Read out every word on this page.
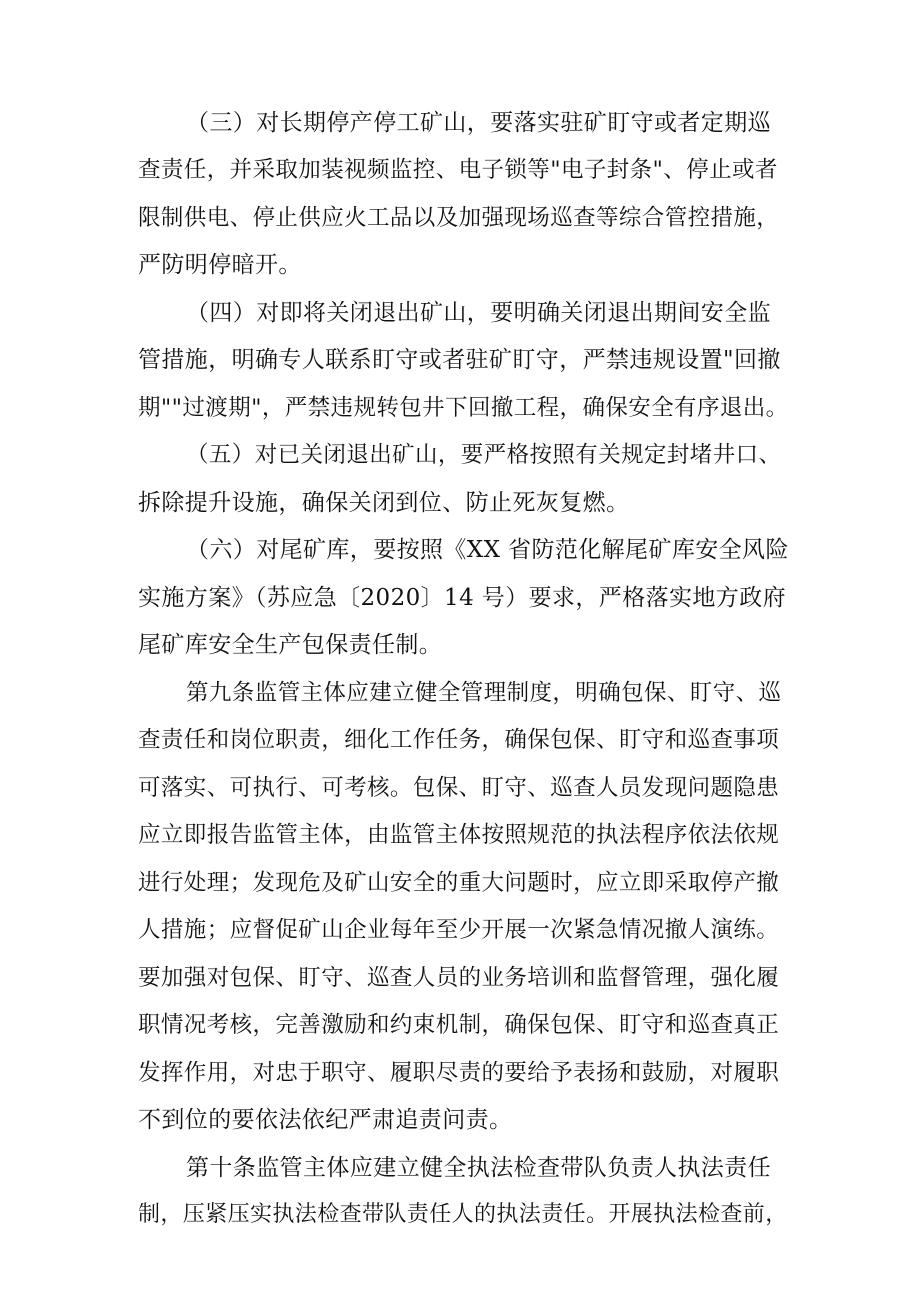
（三）对长期停产停工矿山，要落实驻矿盯守或者定期巡
查责任，并采取加装视频监控、电子锁等"电子封条"、停止或者
限制供电、停止供应火工品以及加强现场巡查等综合管控措施，
严防明停暗开。
（四）对即将关闭退出矿山，要明确关闭退出期间安全监
管措施，明确专人联系盯守或者驻矿盯守，严禁违规设置"回撤
期""过渡期"，严禁违规转包井下回撤工程，确保安全有序退出。
（五）对已关闭退出矿山，要严格按照有关规定封堵井口、
拆除提升设施，确保关闭到位、防止死灰复燃。
（六）对尾矿库，要按照《XX 省防范化解尾矿库安全风险
实施方案》（苏应急〔2020〕14 号）要求，严格落实地方政府
尾矿库安全生产包保责任制。
第九条监管主体应建立健全管理制度，明确包保、盯守、巡
查责任和岗位职责，细化工作任务，确保包保、盯守和巡查事项
可落实、可执行、可考核。包保、盯守、巡查人员发现问题隐患
应立即报告监管主体，由监管主体按照规范的执法程序依法依规
进行处理；发现危及矿山安全的重大问题时，应立即采取停产撤
人措施；应督促矿山企业每年至少开展一次紧急情况撤人演练。
要加强对包保、盯守、巡查人员的业务培训和监督管理，强化履
职情况考核，完善激励和约束机制，确保包保、盯守和巡查真正
发挥作用，对忠于职守、履职尽责的要给予表扬和鼓励，对履职
不到位的要依法依纪严肃追责问责。
第十条监管主体应建立健全执法检查带队负责人执法责任
制，压紧压实执法检查带队责任人的执法责任。开展执法检查前，
